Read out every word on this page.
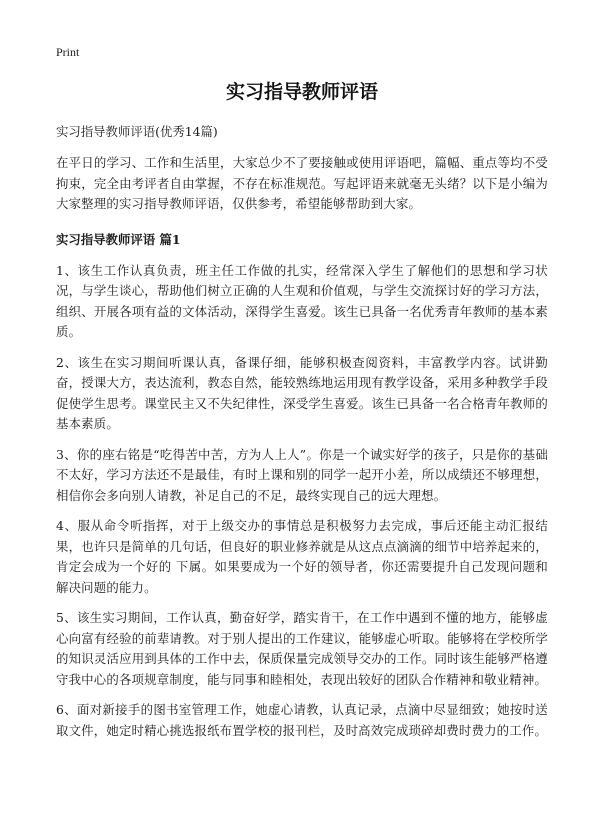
Print
实习指导教师评语
实习指导教师评语(优秀14篇)

在平日的学习、工作和生活里，大家总少不了要接触或使用评语吧，篇幅、重点等均不受拘束，完全由考评者自由掌握，不存在标准规范。写起评语来就毫无头绪？以下是小编为大家整理的实习指导教师评语，仅供参考，希望能够帮助到大家。

实习指导教师评语 篇1

1、该生工作认真负责，班主任工作做的扎实，经常深入学生了解他们的思想和学习状况，与学生谈心，帮助他们树立正确的人生观和价值观，与学生交流探讨好的学习方法，组织、开展各项有益的文体活动，深得学生喜爱。该生已具备一名优秀青年教师的基本素质。

2、该生在实习期间听课认真，备课仔细，能够积极查阅资料，丰富教学内容。试讲勤奋，授课大方，表达流利，教态自然，能较熟练地运用现有教学设备，采用多种教学手段促使学生思考。课堂民主又不失纪律性，深受学生喜爱。该生已具备一名合格青年教师的基本素质。

3、你的座右铭是“吃得苦中苦，方为人上人”。你是一个诚实好学的孩子，只是你的基础不太好，学习方法还不是最佳，有时上课和别的同学一起开小差，所以成绩还不够理想，相信你会多向别人请教，补足自己的不足，最终实现自己的远大理想。

4、服从命令听指挥，对于上级交办的事情总是积极努力去完成，事后还能主动汇报结果，也许只是简单的几句话，但良好的职业修养就是从这点点滴滴的细节中培养起来的，肯定会成为一个好的 下属。如果要成为一个好的领导者，你还需要提升自己发现问题和解决问题的能力。

5、该生实习期间，工作认真，勤奋好学，踏实肯干，在工作中遇到不懂的地方，能够虚心向富有经验的前辈请教。对于别人提出的工作建议，能够虚心听取。能够将在学校所学的知识灵活应用到具体的工作中去，保质保量完成领导交办的工作。同时该生能够严格遵守我中心的各项规章制度，能与同事和睦相处，表现出较好的团队合作精神和敬业精神。

6、面对新接手的图书室管理工作，她虚心请教，认真记录，点滴中尽显细致；她按时送取文件，她定时精心挑选报纸布置学校的报刊栏，及时高效完成琐碎却费时费力的工作。
